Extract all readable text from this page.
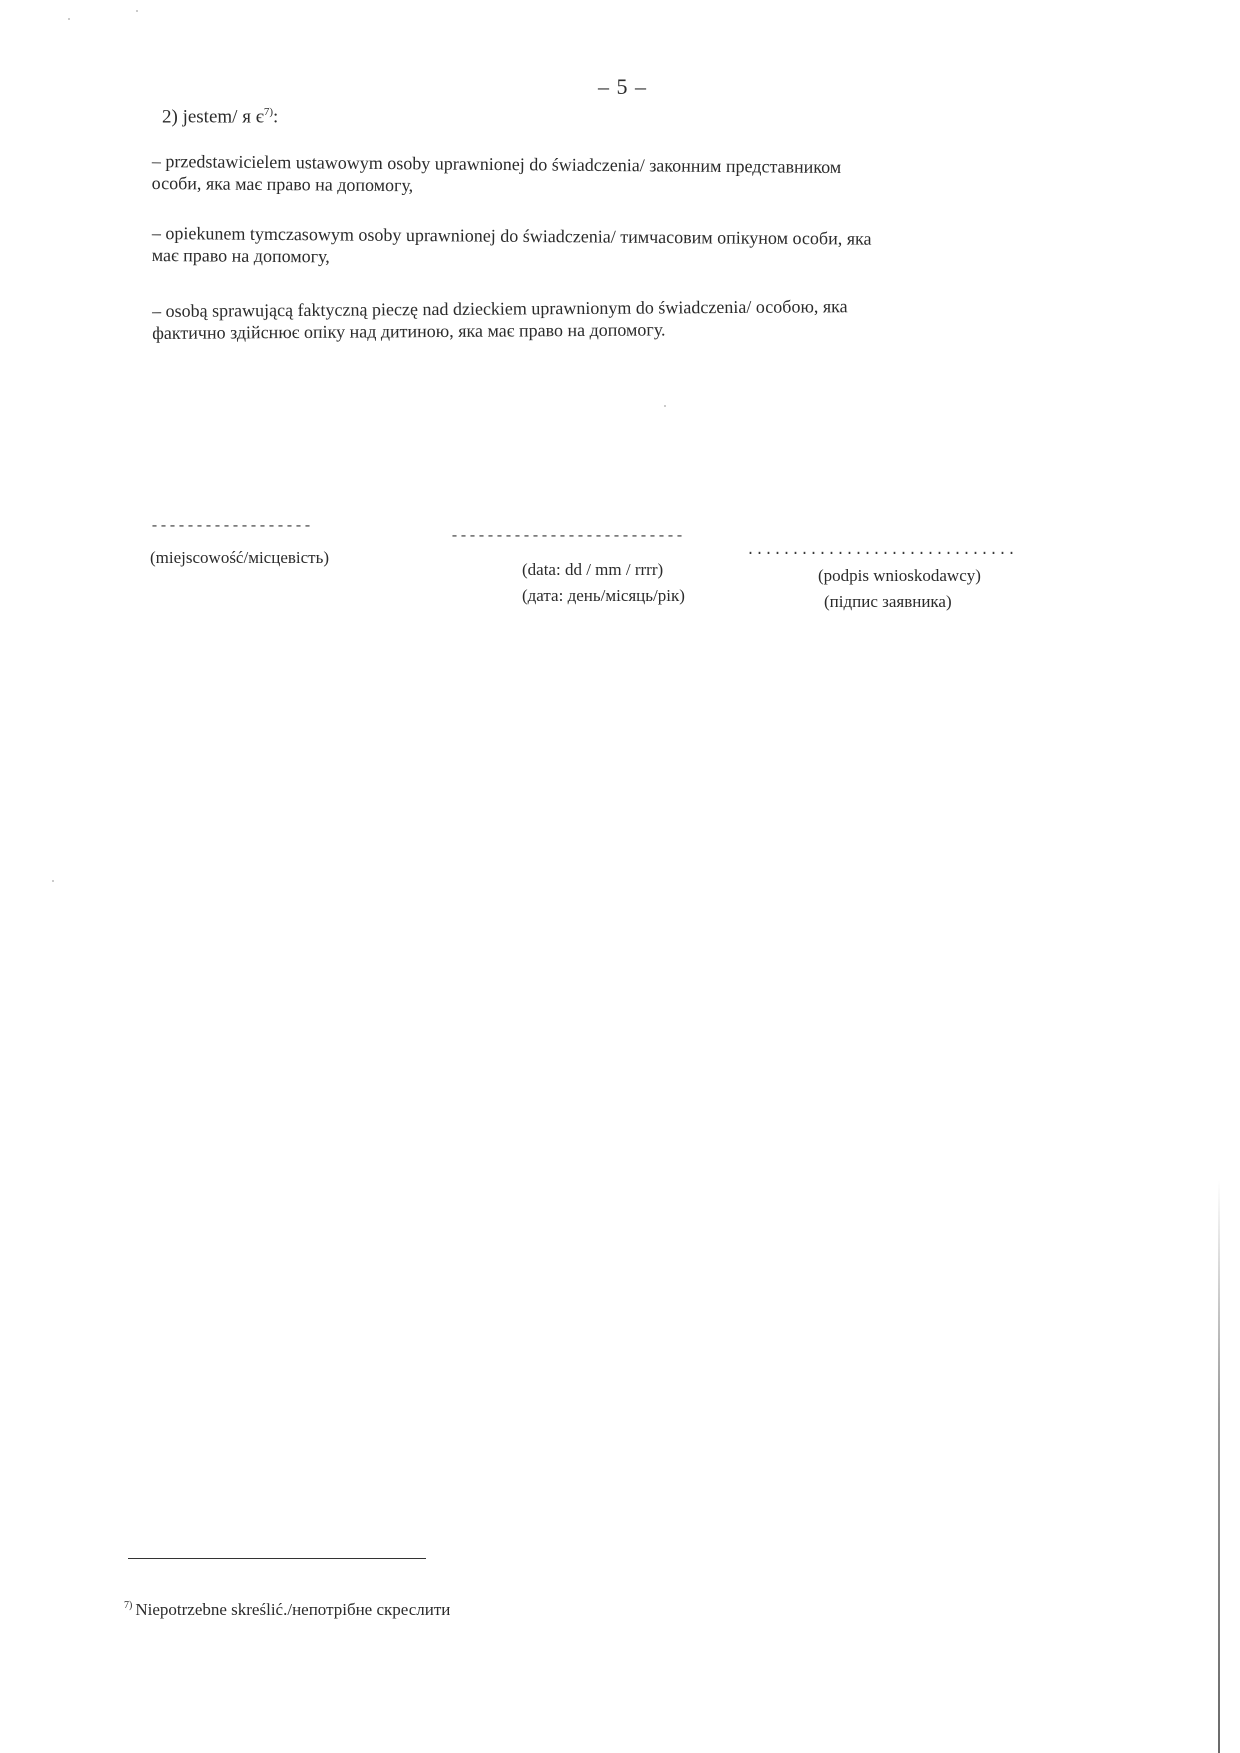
– 5 –
2) jestem/ я $є^{7)}$:
– przedstawicielem ustawowym osoby uprawnionej do świadczenia/ законним представником
особи, яка має право на допомогу,
– opiekunem tymczasowym osoby uprawnionej do świadczenia/ тимчасовим опікуном особи, яка
має право на допомогу,
– osobą sprawującą faktyczną pieczę nad dzieckiem uprawnionym do świadczenia/ особою, яка
фактично здійснює опіку над дитиною, яка має право на допомогу.
------------------
(miejscowość/місцевість)
--------------------------
(data: dd / mm / rrrr)
(дата: день/місяць/рік)
..............................
(podpis wnioskodawcy)
(підпис заявника)
$^{7)}$ Niepotrzebne skreślić./непотрібне скреслити
